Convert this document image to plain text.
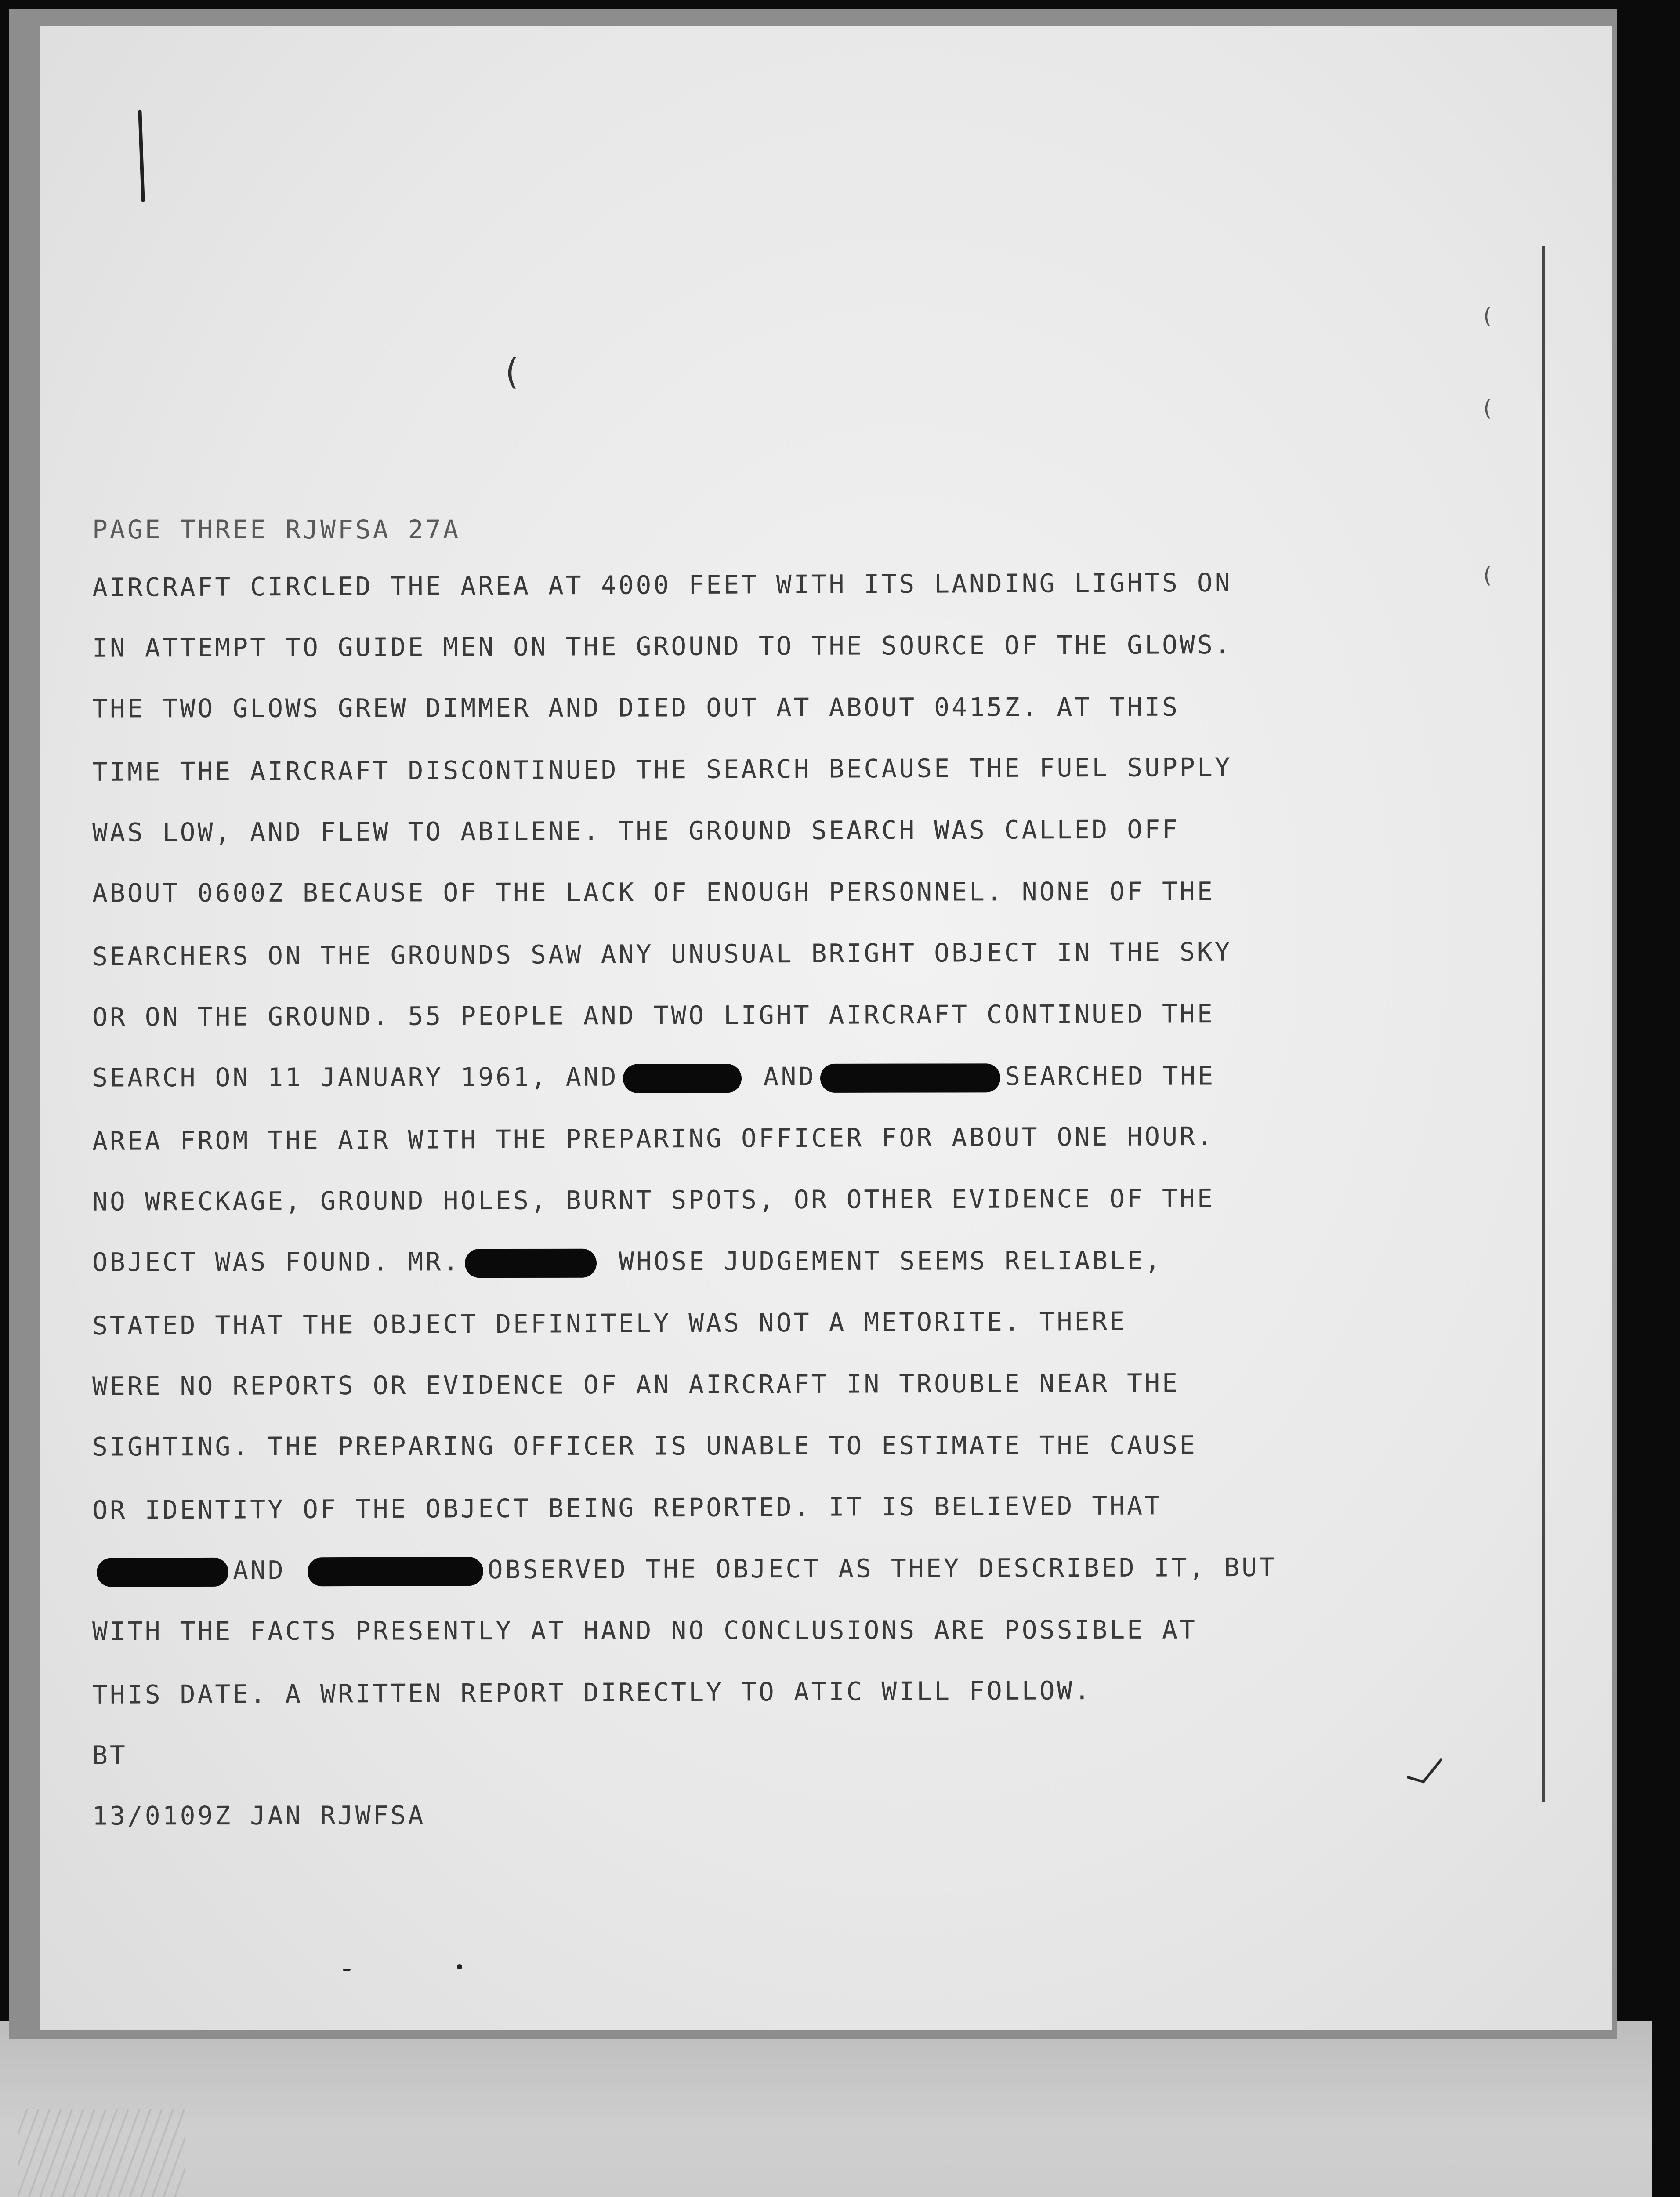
(
(
(
(
PAGE THREE RJWFSA 27A
AIRCRAFT CIRCLED THE AREA AT 4000 FEET WITH ITS LANDING LIGHTS ON
IN ATTEMPT TO GUIDE MEN ON THE GROUND TO THE SOURCE OF THE GLOWS.
THE TWO GLOWS GREW DIMMER AND DIED OUT AT ABOUT 0415Z. AT THIS
TIME THE AIRCRAFT DISCONTINUED THE SEARCH BECAUSE THE FUEL SUPPLY
WAS LOW, AND FLEW TO ABILENE. THE GROUND SEARCH WAS CALLED OFF
ABOUT 0600Z BECAUSE OF THE LACK OF ENOUGH PERSONNEL. NONE OF THE
SEARCHERS ON THE GROUNDS SAW ANY UNUSUAL BRIGHT OBJECT IN THE SKY
OR ON THE GROUND. 55 PEOPLE AND TWO LIGHT AIRCRAFT CONTINUED THE
SEARCH ON 11 JANUARY 1961, AND	AND	SEARCHED THE
AREA FROM THE AIR WITH THE PREPARING OFFICER FOR ABOUT ONE HOUR.
NO WRECKAGE, GROUND HOLES, BURNT SPOTS, OR OTHER EVIDENCE OF THE
OBJECT WAS FOUND. MR.	WHOSE JUDGEMENT SEEMS RELIABLE,
STATED THAT THE OBJECT DEFINITELY WAS NOT A METORITE. THERE
WERE NO REPORTS OR EVIDENCE OF AN AIRCRAFT IN TROUBLE NEAR THE
SIGHTING. THE PREPARING OFFICER IS UNABLE TO ESTIMATE THE CAUSE
OR IDENTITY OF THE OBJECT BEING REPORTED. IT IS BELIEVED THAT
AND	OBSERVED THE OBJECT AS THEY DESCRIBED IT, BUT
WITH THE FACTS PRESENTLY AT HAND NO CONCLUSIONS ARE POSSIBLE AT
THIS DATE. A WRITTEN REPORT DIRECTLY TO ATIC WILL FOLLOW.
BT
13/0109Z JAN RJWFSA
